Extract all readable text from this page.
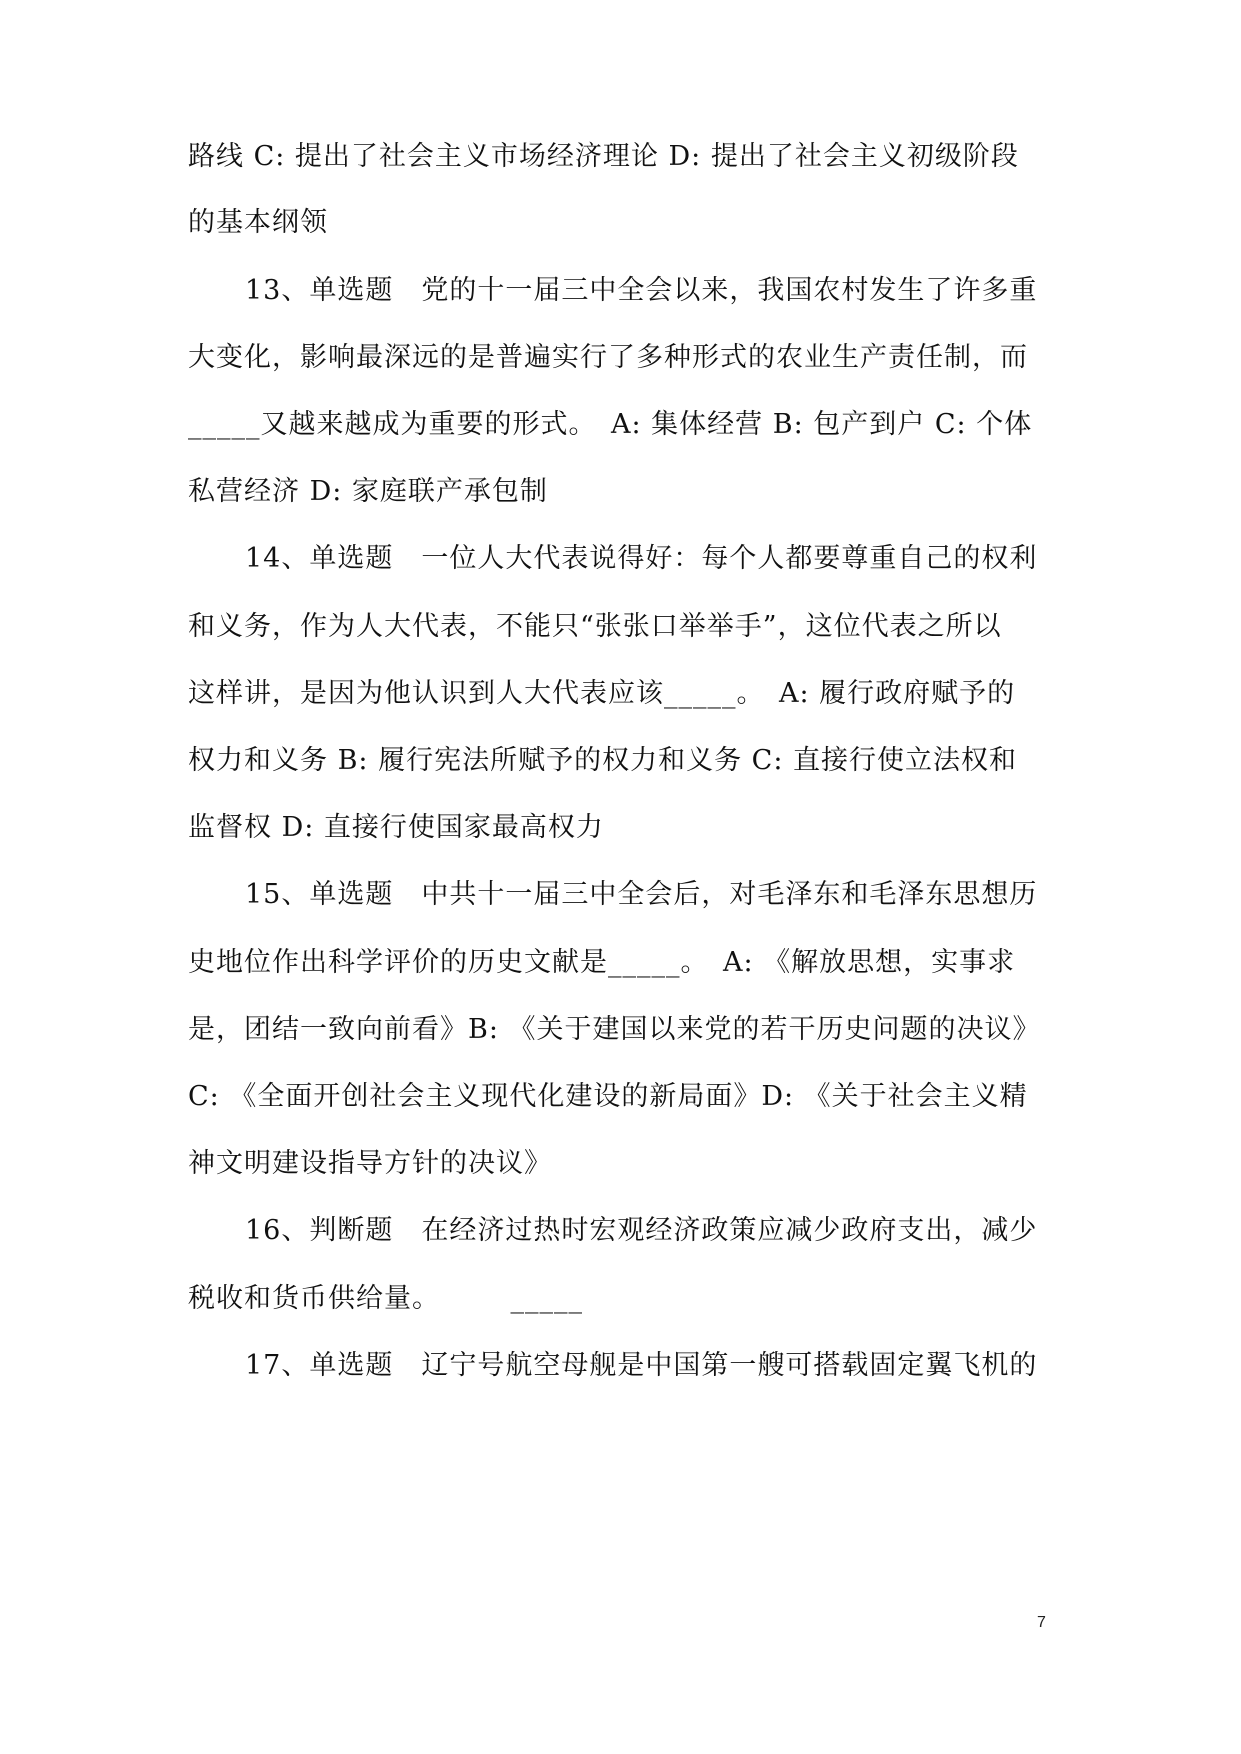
路线 C: 提出了社会主义市场经济理论 D: 提出了社会主义初级阶段
的基本纲领
13、单选题　党的十一届三中全会以来，我国农村发生了许多重
大变化，影响最深远的是普遍实行了多种形式的农业生产责任制，而
_____又越来越成为重要的形式。　A: 集体经营 B: 包产到户 C: 个体
私营经济 D: 家庭联产承包制
14、单选题　一位人大代表说得好：每个人都要尊重自己的权利
和义务，作为人大代表，不能只“张张口举举手”，这位代表之所以
这样讲，是因为他认识到人大代表应该_____。　A: 履行政府赋予的
权力和义务 B: 履行宪法所赋予的权力和义务 C: 直接行使立法权和
监督权 D: 直接行使国家最高权力
15、单选题　中共十一届三中全会后，对毛泽东和毛泽东思想历
史地位作出科学评价的历史文献是_____。　A: 《解放思想，实事求
是，团结一致向前看》B: 《关于建国以来党的若干历史问题的决议》
C: 《全面开创社会主义现代化建设的新局面》D: 《关于社会主义精
神文明建设指导方针的决议》
16、判断题　在经济过热时宏观经济政策应减少政府支出，减少
税收和货币供给量。　　　_____
17、单选题　辽宁号航空母舰是中国第一艘可搭载固定翼飞机的
7
